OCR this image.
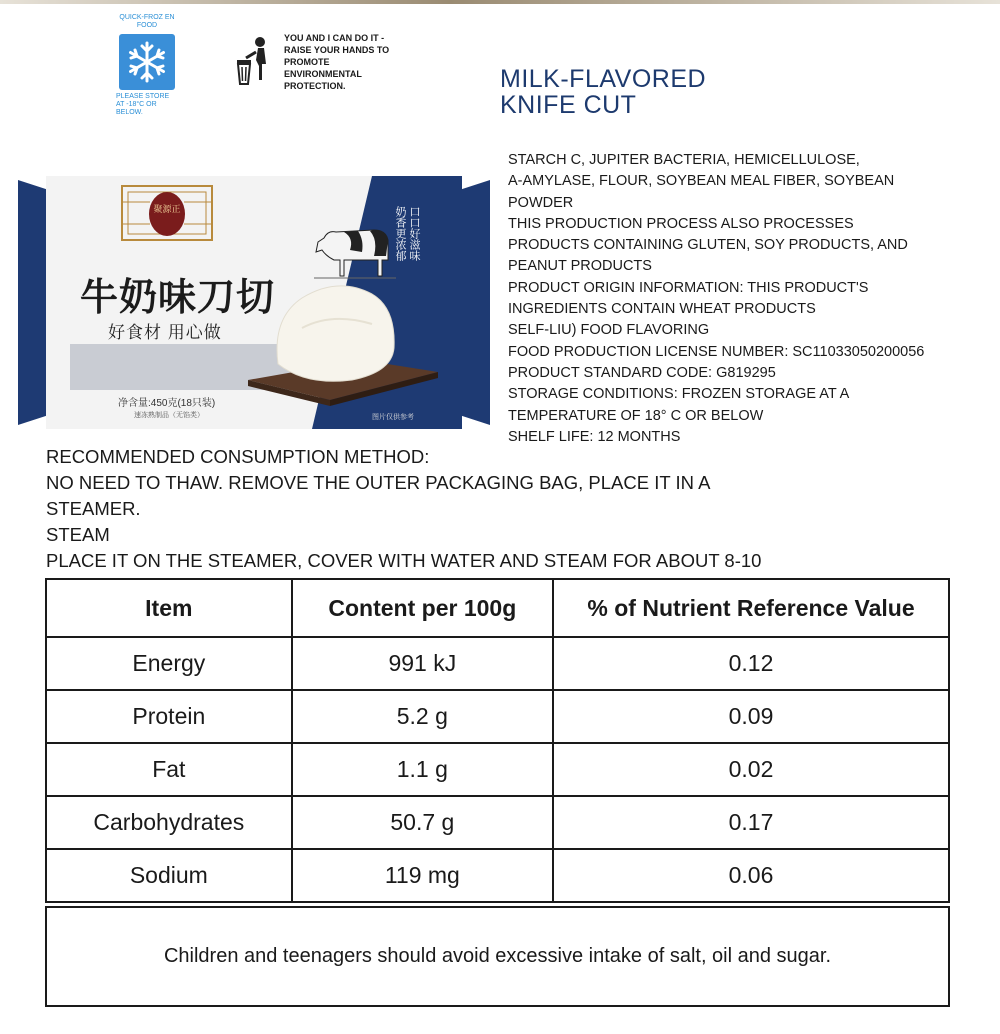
QUICK-FROZ EN FOOD
PLEASE STORE AT -18°C OR BELOW.
YOU AND I CAN DO IT - RAISE YOUR HANDS TO PROMOTE ENVIRONMENTAL PROTECTION.	MILK-FLAVORED
KNIFE CUT
聚源正
牛奶味刀切
好食材 用心做
奶香更浓郁 口口好滋味
净含量:450克(18只装)
速冻熟制品（无馅类）	图片仅供参考
STARCH C, JUPITER BACTERIA, HEMICELLULOSE,
A-AMYLASE, FLOUR, SOYBEAN MEAL FIBER, SOYBEAN
POWDER
THIS PRODUCTION PROCESS ALSO PROCESSES
PRODUCTS CONTAINING GLUTEN, SOY PRODUCTS, AND
PEANUT PRODUCTS
PRODUCT ORIGIN INFORMATION: THIS PRODUCT'S
INGREDIENTS CONTAIN WHEAT PRODUCTS
SELF-LIU) FOOD FLAVORING
FOOD PRODUCTION LICENSE NUMBER: SC11033050200056
PRODUCT STANDARD CODE: G819295
STORAGE CONDITIONS: FROZEN STORAGE AT A
TEMPERATURE OF 18° C OR BELOW
SHELF LIFE: 12 MONTHS
RECOMMENDED CONSUMPTION METHOD:
NO NEED TO THAW. REMOVE THE OUTER PACKAGING BAG, PLACE IT IN A
STEAMER.
STEAM
PLACE IT ON THE STEAMER, COVER WITH WATER AND STEAM FOR ABOUT 8-10
Item	Content per 100g	% of Nutrient Reference Value
Energy	991 kJ	0.12
Protein	5.2 g	0.09
Fat	1.1 g	0.02
Carbohydrates	50.7 g	0.17
Sodium	119 mg	0.06
Children and teenagers should avoid excessive intake of salt, oil and sugar.
